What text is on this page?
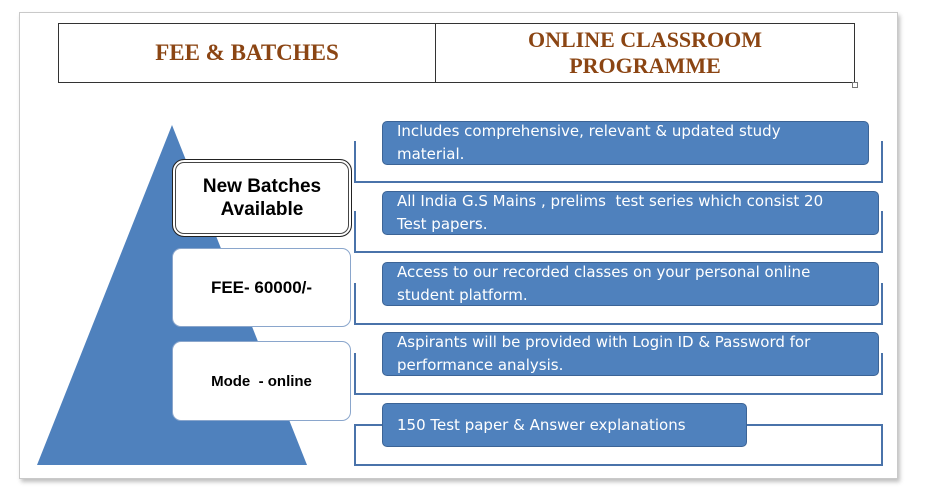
FEE & BATCHES
ONLINE CLASSROOM
PROGRAMME
New Batches
Available
FEE- 60000/-
Mode  - online
Includes comprehensive, relevant & updated study
material.
All India G.S Mains , prelims  test series which consist 20
Test papers.
Access to our recorded classes on your personal online
student platform.
Aspirants will be provided with Login ID & Password for
performance analysis.
150 Test paper & Answer explanations
